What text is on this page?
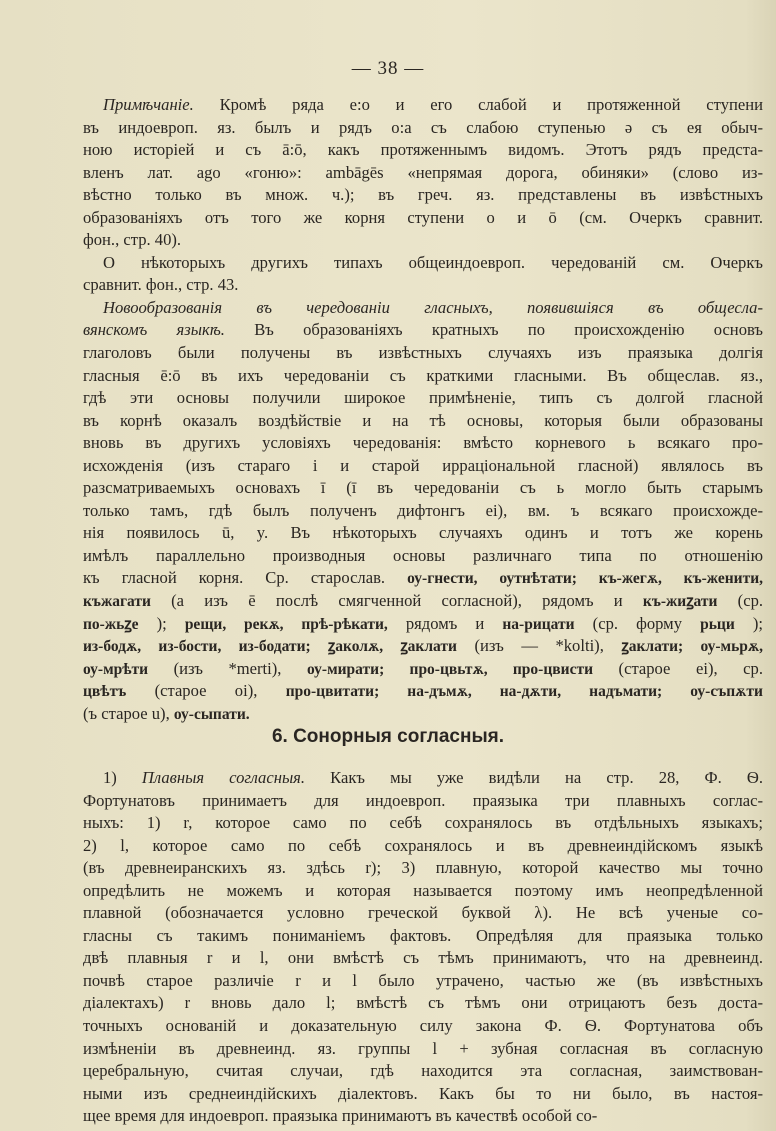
— 38 —
Примѣчаніе. Кромѣ ряда е:о и его слабой и протяженной ступени
въ индоевроп. яз. былъ и рядъ о:а съ слабою ступенью ә съ ея обыч-
ною исторіей и съ ā:ō, какъ протяженнымъ видомъ. Этотъ рядъ предста-
вленъ лат. ago «гоню»: ambāgēs «непрямая дорога, обиняки» (слово из-
вѣстно только въ множ. ч.); въ греч. яз. представлены въ извѣстныхъ
образованіяхъ отъ того же корня ступени о и ō (см. Очеркъ сравнит.
фон., стр. 40).
О нѣкоторыхъ другихъ типахъ общеиндоевроп. чередованій см. Очеркъ
сравнит. фон., стр. 43.
Новообразованія въ чередованіи гласныхъ, появившіяся въ общесла-
вянскомъ языкѣ. Въ образованіяхъ кратныхъ по происхожденію основъ
глаголовъ были получены въ извѣстныхъ случаяхъ изъ праязыка долгія
гласныя ē:ō въ ихъ чередованіи съ краткими гласными. Въ общеслав. яз.,
гдѣ эти основы получили широкое примѣненіе, типъ съ долгой гласной
въ корнѣ оказалъ воздѣйствіе и на тѣ основы, которыя были образованы
вновь въ другихъ условіяхъ чередованія: вмѣсто корневого ь всякаго про-
исхожденія (изъ стараго і и старой ирраціональной гласной) являлось въ
разсматриваемыхъ основахъ ī (ī въ чередованіи съ ь могло быть старымъ
только тамъ, гдѣ былъ полученъ дифтонгъ ei), вм. ъ всякаго происхожде-
нія появилось ū, y. Въ нѣкоторыхъ случаяхъ одинъ и тотъ же корень
имѣлъ параллельно производныя основы различнаго типа по отношенію
къ гласной корня. Ср. старослав. оу-гнести, оутнѣтати; къ-жегѫ, къ-женити,
къжагати (а изъ ē послѣ смягченной согласной), рядомъ и къ-жиꙁати (ср.
по-жьꙁе ); рещи, рекѫ, прѣ-рѣкати, рядомъ и на-рицати (ср. форму рьци );
из-бодѫ, из-бости, из-бодати; ꙁаколѫ, ꙁаклати (изъ — *kolti), ꙁаклати; оу-мьрѫ,
оу-мрѣти (изъ *merti), оу-мирати; про-цвьтѫ, про-цвисти (старое ei), ср.
цвѣтъ (старое oi), про-цвитати; на-дъмѫ, на-дѫти, надъмати; оу-съпѫти
(ъ старое u), оу-сыпати.
6. Сонорныя согласныя.
1) Плавныя согласныя. Какъ мы уже видѣли на стр. 28, Ф. Ѳ.
Фортунатовъ принимаетъ для индоевроп. праязыка три плавныхъ соглас-
ныхъ: 1) r, которое само по себѣ сохранялось въ отдѣльныхъ языкахъ;
2) l, которое само по себѣ сохранялось и въ древнеиндійскомъ языкѣ
(въ древнеиранскихъ яз. здѣсь r); 3) плавную, которой качество мы точно
опредѣлить не можемъ и которая называется поэтому имъ неопредѣленной
плавной (обозначается условно греческой буквой λ). Не всѣ ученые со-
гласны съ такимъ пониманіемъ фактовъ. Опредѣляя для праязыка только
двѣ плавныя r и l, они вмѣстѣ съ тѣмъ принимаютъ, что на древнеинд.
почвѣ старое различіе r и l было утрачено, частью же (въ извѣстныхъ
діалектахъ) r вновь дало l; вмѣстѣ съ тѣмъ они отрицаютъ безъ доста-
точныхъ основаній и доказательную силу закона Ф. Ѳ. Фортунатова объ
измѣненіи въ древнеинд. яз. группы l + зубная согласная въ согласную
церебральную, считая случаи, гдѣ находится эта согласная, заимствован-
ными изъ среднеиндійскихъ діалектовъ. Какъ бы то ни было, въ настоя-
щее время для индоевроп. праязыка принимаютъ въ качествѣ особой со-
